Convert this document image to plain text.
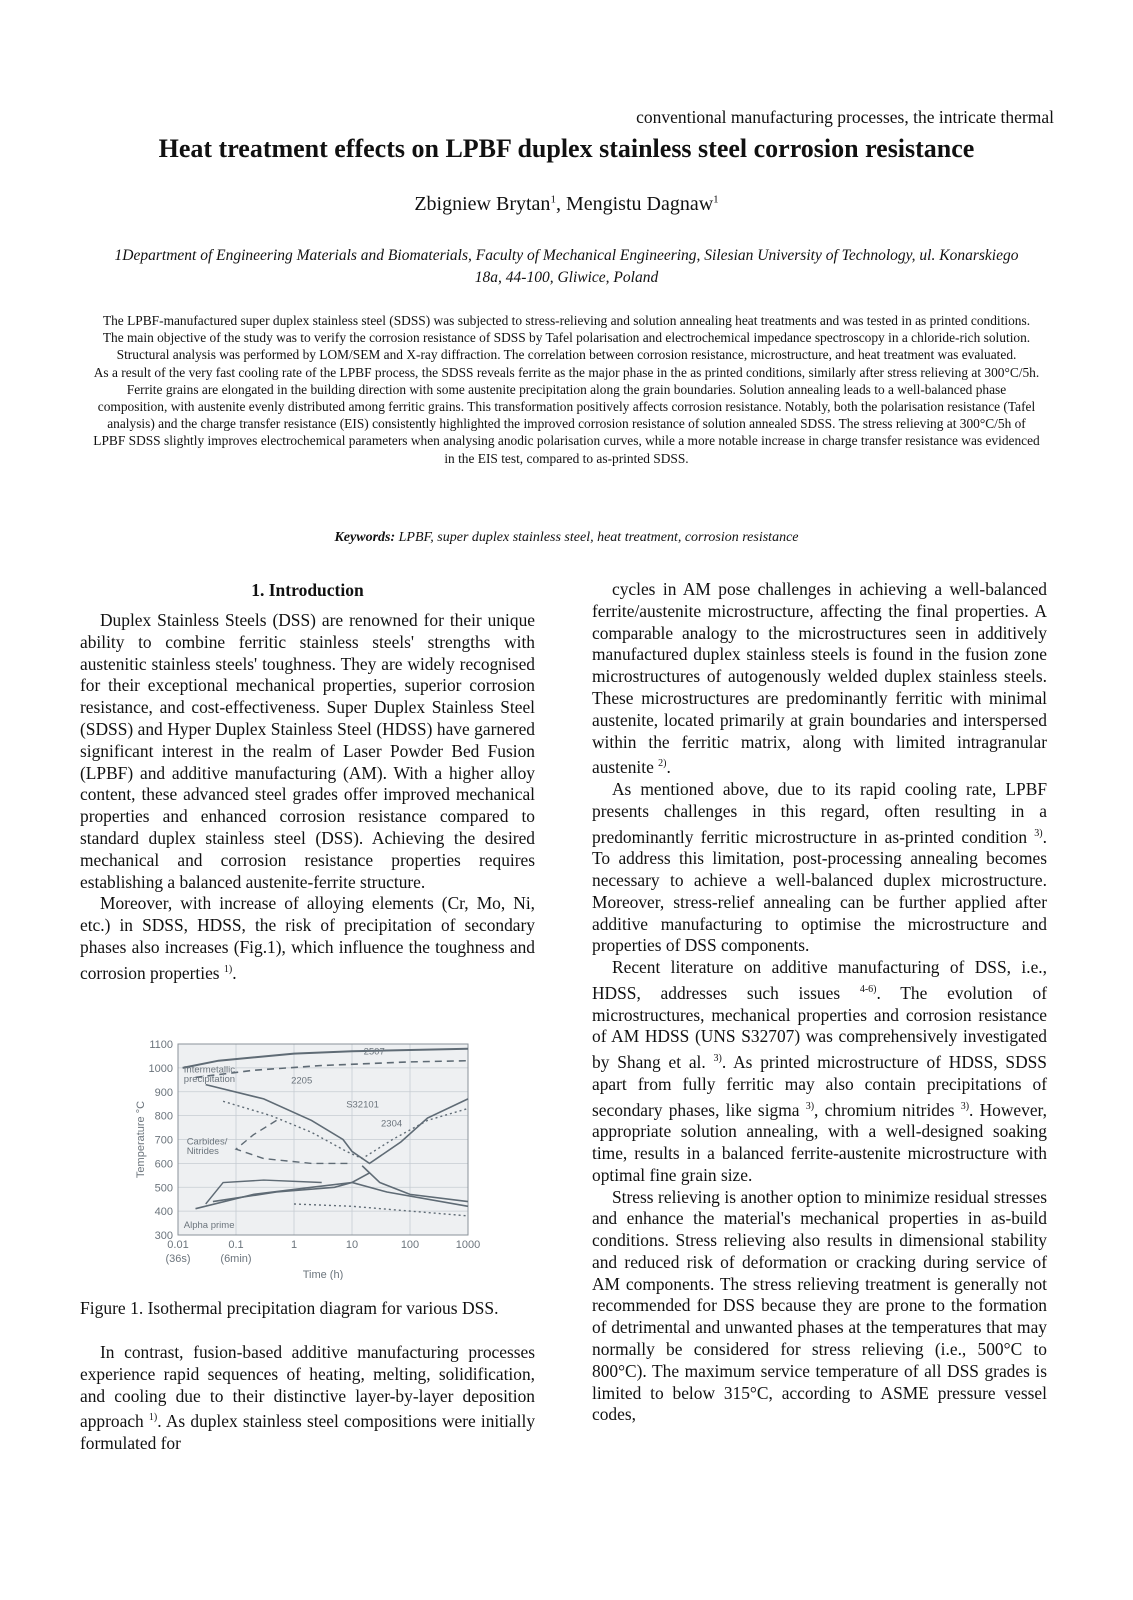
conventional manufacturing processes, the intricate thermal
Heat treatment effects on LPBF duplex stainless steel corrosion resistance
Zbigniew Brytan$^1$, Mengistu Dagnaw$^1$

1Department of Engineering Materials and Biomaterials, Faculty of Mechanical Engineering, Silesian University of Technology, ul. Konarskiego 18a, 44-100, Gliwice, Poland

The LPBF-manufactured super duplex stainless steel (SDSS) was subjected to stress-relieving and solution annealing heat treatments and was tested in as printed conditions. The main objective of the study was to verify the corrosion resistance of SDSS by Tafel polarisation and electrochemical impedance spectroscopy in a chloride-rich solution. Structural analysis was performed by LOM/SEM and X-ray diffraction. The correlation between corrosion resistance, microstructure, and heat treatment was evaluated.

As a result of the very fast cooling rate of the LPBF process, the SDSS reveals ferrite as the major phase in the as printed conditions, similarly after stress relieving at 300°C/5h. Ferrite grains are elongated in the building direction with some austenite precipitation along the grain boundaries. Solution annealing leads to a well-balanced phase composition, with austenite evenly distributed among ferritic grains. This transformation positively affects corrosion resistance. Notably, both the polarisation resistance (Tafel analysis) and the charge transfer resistance (EIS) consistently highlighted the improved corrosion resistance of solution annealed SDSS. The stress relieving at 300°C/5h of LPBF SDSS slightly improves electrochemical parameters when analysing anodic polarisation curves, while a more notable increase in charge transfer resistance was evidenced in the EIS test, compared to as-printed SDSS.

Keywords: LPBF, super duplex stainless steel, heat treatment, corrosion resistance
1. Introduction

Duplex Stainless Steels (DSS) are renowned for their unique ability to combine ferritic stainless steels' strengths with austenitic stainless steels' toughness. They are widely recognised for their exceptional mechanical properties, superior corrosion resistance, and cost-effectiveness. Super Duplex Stainless Steel (SDSS) and Hyper Duplex Stainless Steel (HDSS) have garnered significant interest in the realm of Laser Powder Bed Fusion (LPBF) and additive manufacturing (AM). With a higher alloy content, these advanced steel grades offer improved mechanical properties and enhanced corrosion resistance compared to standard duplex stainless steel (DSS). Achieving the desired mechanical and corrosion resistance properties requires establishing a balanced austenite-ferrite structure.

Moreover, with increase of alloying elements (Cr, Mo, Ni, etc.) in SDSS, HDSS, the risk of precipitation of secondary phases also increases (Fig.1), which influence the toughness and corrosion properties $^{1)}$.

1100
1000
900
800
700
600
500
400
300
0.01	0.1	1	10	100	1000
(36s)	(6min)
Time (h)
Temperature °C
2507
2205
S32101
2304
Intermetallic
precipitation
Carbides/
Nitrides
Alpha prime
Figure 1. Isothermal precipitation diagram for various DSS.

In contrast, fusion-based additive manufacturing processes experience rapid sequences of heating, melting, solidification, and cooling due to their distinctive layer-by-layer deposition approach $^{1)}$. As duplex stainless steel compositions were initially formulated for

cycles in AM pose challenges in achieving a well-balanced ferrite/austenite microstructure, affecting the final properties. A comparable analogy to the microstructures seen in additively manufactured duplex stainless steels is found in the fusion zone microstructures of autogenously welded duplex stainless steels. These microstructures are predominantly ferritic with minimal austenite, located primarily at grain boundaries and interspersed within the ferritic matrix, along with limited intragranular austenite $^{2)}$.

As mentioned above, due to its rapid cooling rate, LPBF presents challenges in this regard, often resulting in a predominantly ferritic microstructure in as-printed condition $^{3)}$. To address this limitation, post-processing annealing becomes necessary to achieve a well-balanced duplex microstructure. Moreover, stress-relief annealing can be further applied after additive manufacturing to optimise the microstructure and properties of DSS components.

Recent literature on additive manufacturing of DSS, i.e., HDSS, addresses such issues $^{4-6)}$. The evolution of microstructures, mechanical properties and corrosion resistance of AM HDSS (UNS S32707) was comprehensively investigated by Shang et al. $^{3)}$. As printed microstructure of HDSS, SDSS apart from fully ferritic may also contain precipitations of secondary phases, like sigma $^{3)}$, chromium nitrides $^{3)}$. However, appropriate solution annealing, with a well-designed soaking time, results in a balanced ferrite-austenite microstructure with optimal fine grain size.

Stress relieving is another option to minimize residual stresses and enhance the material's mechanical properties in as-build conditions. Stress relieving also results in dimensional stability and reduced risk of deformation or cracking during service of AM components. The stress relieving treatment is generally not recommended for DSS because they are prone to the formation of detrimental and unwanted phases at the temperatures that may normally be considered for stress relieving (i.e., 500°C to 800°C). The maximum service temperature of all DSS grades is limited to below 315°C, according to ASME pressure vessel codes,
